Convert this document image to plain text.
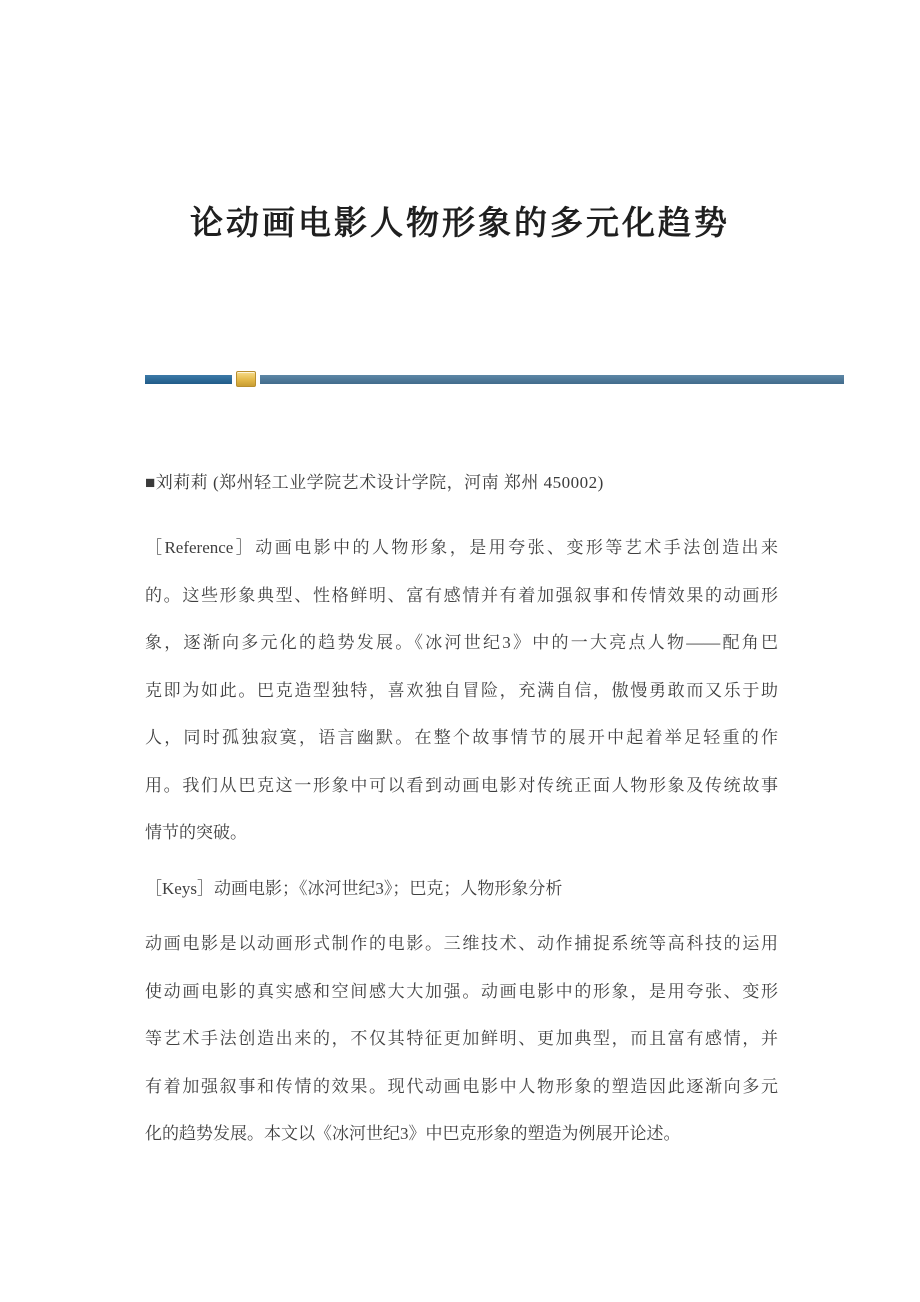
论动画电影人物形象的多元化趋势
■刘莉莉 (郑州轻工业学院艺术设计学院，河南 郑州 450002)
［Reference］动画电影中的人物形象，是用夸张、变形等艺术手法创造出来
的。这些形象典型、性格鲜明、富有感情并有着加强叙事和传情效果的动画形
象，逐渐向多元化的趋势发展。《冰河世纪3》中的一大亮点人物——配角巴
克即为如此。巴克造型独特，喜欢独自冒险，充满自信，傲慢勇敢而又乐于助
人，同时孤独寂寞，语言幽默。在整个故事情节的展开中起着举足轻重的作
用。我们从巴克这一形象中可以看到动画电影对传统正面人物形象及传统故事
情节的突破。
［Keys］动画电影；《冰河世纪3》；巴克；人物形象分析
动画电影是以动画形式制作的电影。三维技术、动作捕捉系统等高科技的运用
使动画电影的真实感和空间感大大加强。动画电影中的形象，是用夸张、变形
等艺术手法创造出来的，不仅其特征更加鲜明、更加典型，而且富有感情，并
有着加强叙事和传情的效果。现代动画电影中人物形象的塑造因此逐渐向多元
化的趋势发展。本文以《冰河世纪3》中巴克形象的塑造为例展开论述。
